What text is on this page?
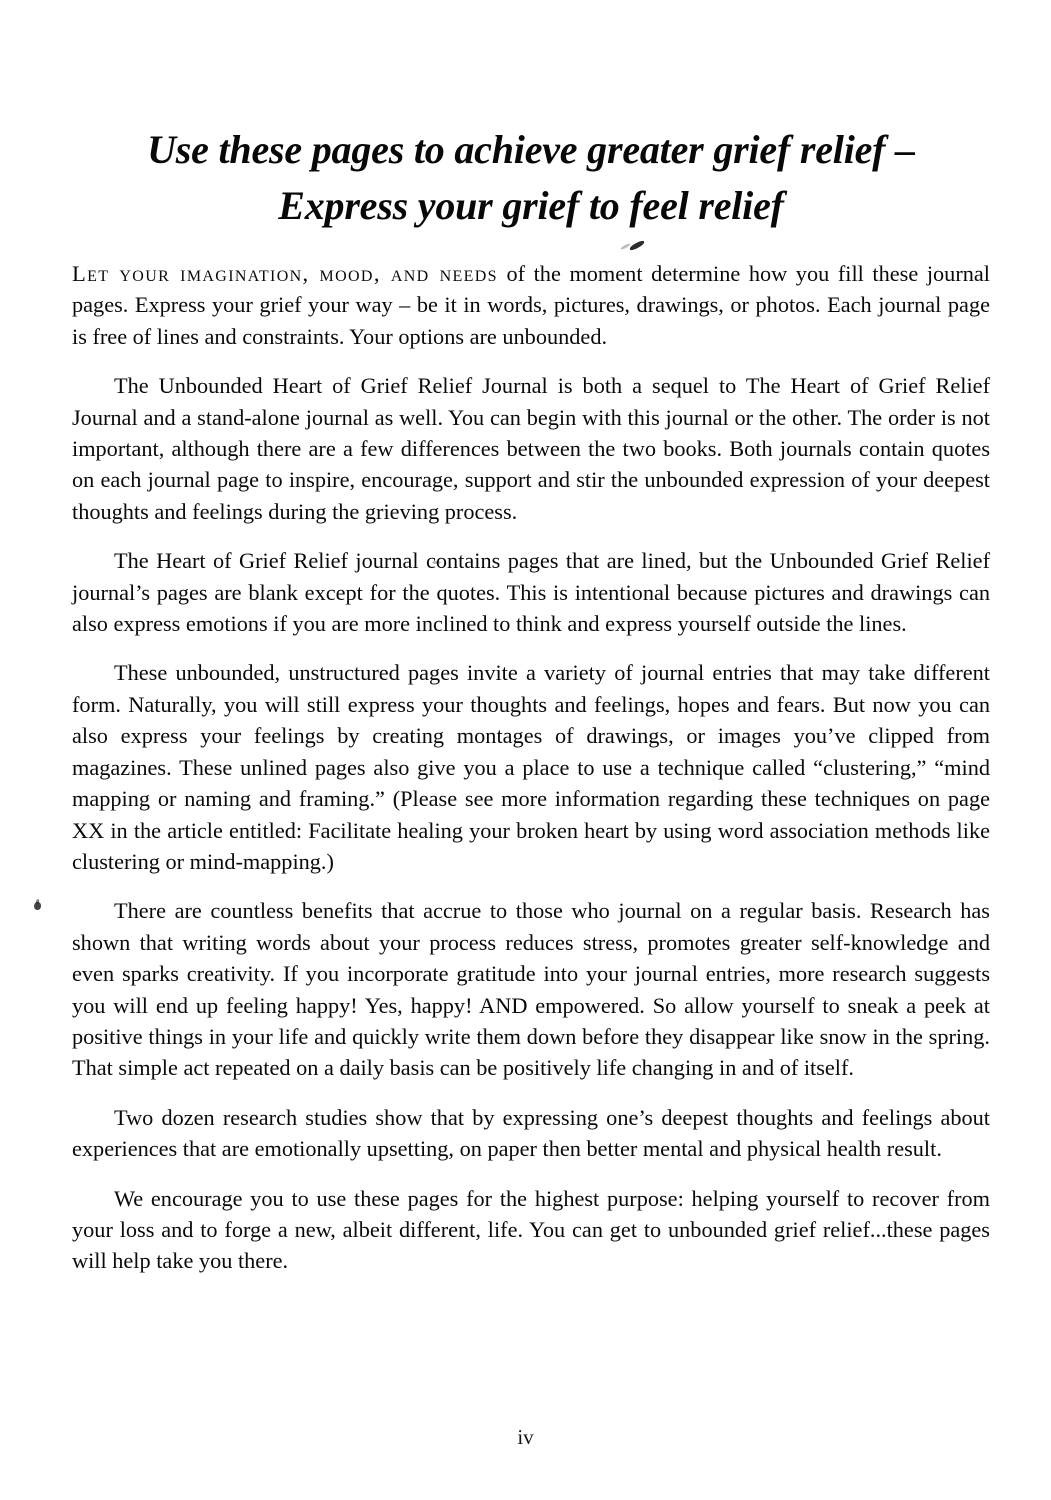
Use these pages to achieve greater grief relief –
Express your grief to feel relief

Let your imagination, mood, and needs of the moment determine how you fill these journal pages. Express your grief your way – be it in words, pictures, drawings, or photos. Each journal page is free of lines and constraints. Your options are unbounded.

The Unbounded Heart of Grief Relief Journal is both a sequel to The Heart of Grief Relief Journal and a stand-alone journal as well. You can begin with this journal or the other. The order is not important, although there are a few differences between the two books. Both journals contain quotes on each journal page to inspire, encourage, support and stir the unbounded expression of your deepest thoughts and feelings during the grieving process.

The Heart of Grief Relief journal contains pages that are lined, but the Unbounded Grief Relief journal’s pages are blank except for the quotes. This is intentional because pictures and drawings can also express emotions if you are more inclined to think and express yourself outside the lines.

These unbounded, unstructured pages invite a variety of journal entries that may take different form. Naturally, you will still express your thoughts and feelings, hopes and fears. But now you can also express your feelings by creating montages of drawings, or images you’ve clipped from magazines. These unlined pages also give you a place to use a technique called “clustering,” “mind mapping or naming and framing.” (Please see more information regarding these techniques on page XX in the article entitled: Facilitate healing your broken heart by using word association methods like clustering or mind-mapping.)

There are countless benefits that accrue to those who journal on a regular basis. Research has shown that writing words about your process reduces stress, promotes greater self-knowledge and even sparks creativity. If you incorporate gratitude into your journal entries, more research suggests you will end up feeling happy! Yes, happy! AND empowered. So allow yourself to sneak a peek at positive things in your life and quickly write them down before they disappear like snow in the spring. That simple act repeated on a daily basis can be positively life changing in and of itself.

Two dozen research studies show that by expressing one’s deepest thoughts and feelings about experiences that are emotionally upsetting, on paper then better mental and physical health result.

We encourage you to use these pages for the highest purpose: helping yourself to recover from your loss and to forge a new, albeit different, life. You can get to unbounded grief relief...these pages will help take you there.

iv
